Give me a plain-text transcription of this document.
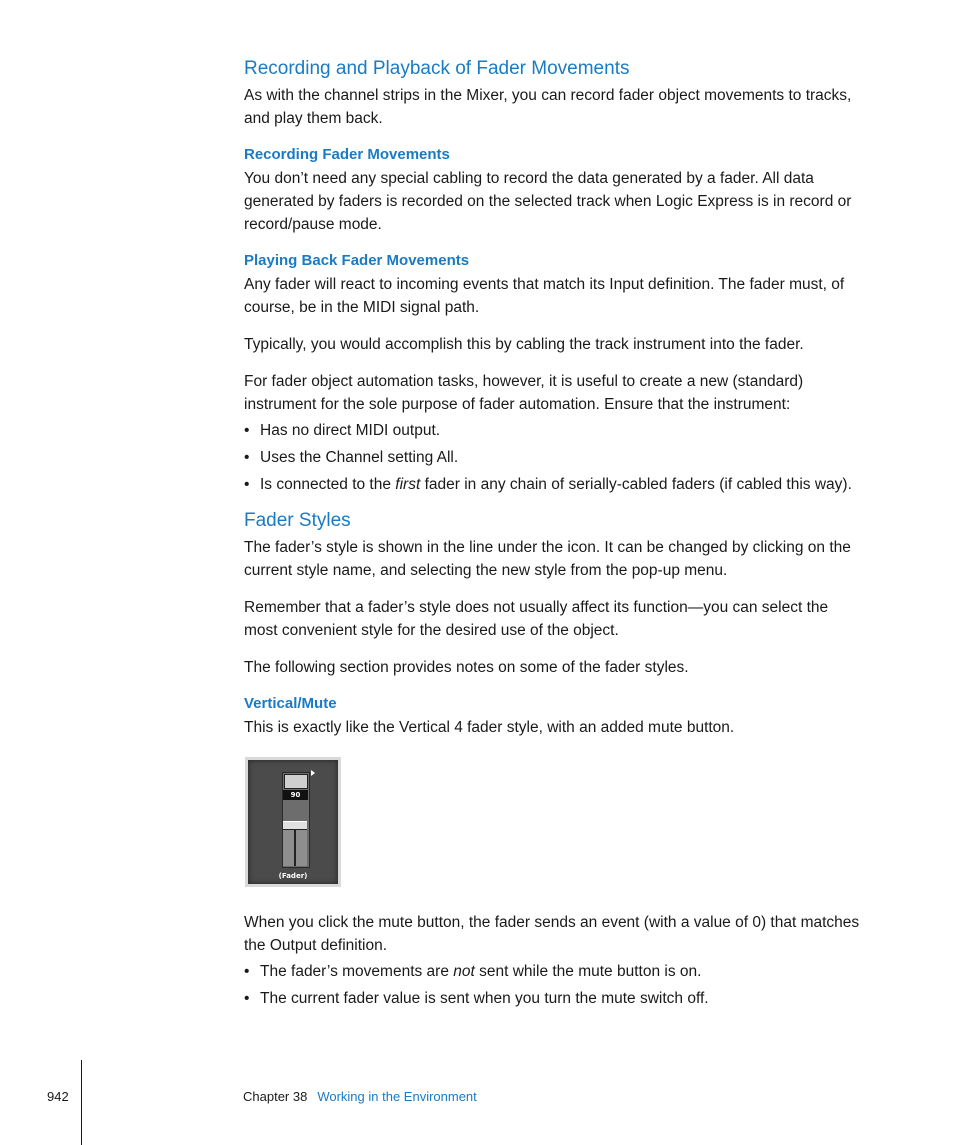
Recording and Playback of Fader Movements

As with the channel strips in the Mixer, you can record fader object movements to tracks, and play them back.

Recording Fader Movements

You don’t need any special cabling to record the data generated by a fader. All data generated by faders is recorded on the selected track when Logic Express is in record or record/pause mode.

Playing Back Fader Movements

Any fader will react to incoming events that match its Input definition. The fader must, of course, be in the MIDI signal path.

Typically, you would accomplish this by cabling the track instrument into the fader.

For fader object automation tasks, however, it is useful to create a new (standard) instrument for the sole purpose of fader automation. Ensure that the instrument:

• Has no direct MIDI output.
• Uses the Channel setting All.
• Is connected to the first fader in any chain of serially-cabled faders (if cabled this way).
Fader Styles

The fader’s style is shown in the line under the icon. It can be changed by clicking on the current style name, and selecting the new style from the pop-up menu.

Remember that a fader’s style does not usually affect its function—you can select the most convenient style for the desired use of the object.

The following section provides notes on some of the fader styles.

Vertical/Mute

This is exactly like the Vertical 4 fader style, with an added mute button.

90
(Fader)

When you click the mute button, the fader sends an event (with a value of 0) that matches the Output definition.

• The fader’s movements are not sent while the mute button is on.
• The current fader value is sent when you turn the mute switch off.
942	Chapter 38 Working in the Environment
